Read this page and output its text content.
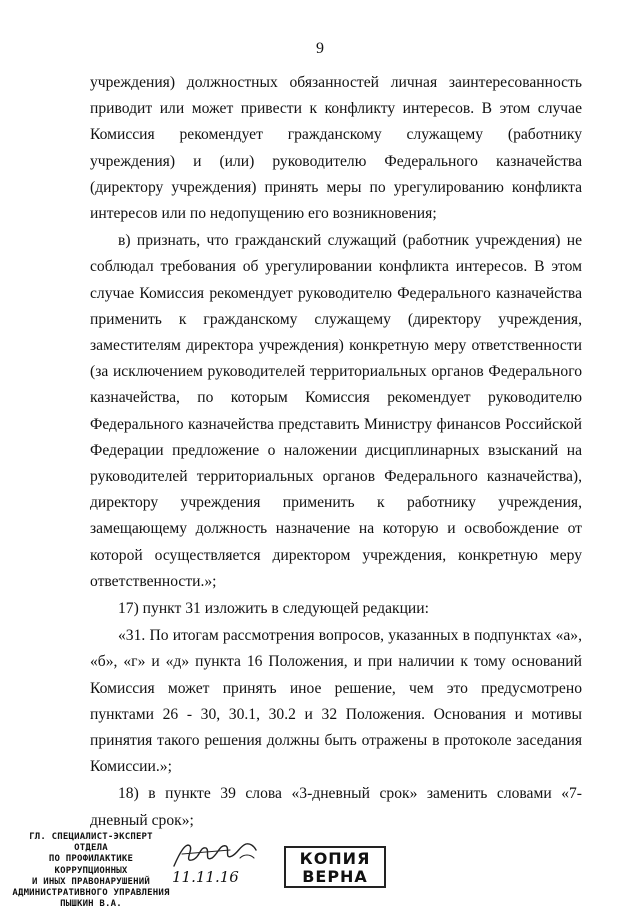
9

учреждения) должностных обязанностей личная заинтересованность приводит или может привести к конфликту интересов. В этом случае Комиссия рекомендует гражданскому служащему (работнику учреждения) и (или) руководителю Федерального казначейства (директору учреждения) принять меры по урегулированию конфликта интересов или по недопущению его возникновения;

в) признать, что гражданский служащий (работник учреждения) не соблюдал требования об урегулировании конфликта интересов. В этом случае Комиссия рекомендует руководителю Федерального казначейства применить к гражданскому служащему (директору учреждения, заместителям директора учреждения) конкретную меру ответственности (за исключением руководителей территориальных органов Федерального казначейства, по которым Комиссия рекомендует руководителю Федерального казначейства представить Министру финансов Российской Федерации предложение о наложении дисциплинарных взысканий на руководителей территориальных органов Федерального казначейства), директору учреждения применить к работнику учреждения, замещающему должность назначение на которую и освобождение от которой осуществляется директором учреждения, конкретную меру ответственности.»;

17) пункт 31 изложить в следующей редакции:

«31. По итогам рассмотрения вопросов, указанных в подпунктах «а», «б», «г» и «д» пункта 16 Положения, и при наличии к тому оснований Комиссия может принять иное решение, чем это предусмотрено пунктами 26 - 30, 30.1, 30.2 и 32 Положения. Основания и мотивы принятия такого решения должны быть отражены в протоколе заседания Комиссии.»;

18) в пункте 39 слова «3-дневный срок» заменить словами «7-дневный срок»;

ГЛ. СПЕЦИАЛИСТ-ЭКСПЕРТ ОТДЕЛА
ПО ПРОФИЛАКТИКЕ КОРРУПЦИОННЫХ
И ИНЫХ ПРАВОНАРУШЕНИЙ
АДМИНИСТРАТИВНОГО УПРАВЛЕНИЯ
ПЫШКИН В.А.
11.11.16
КОПИЯ
ВЕРНА
